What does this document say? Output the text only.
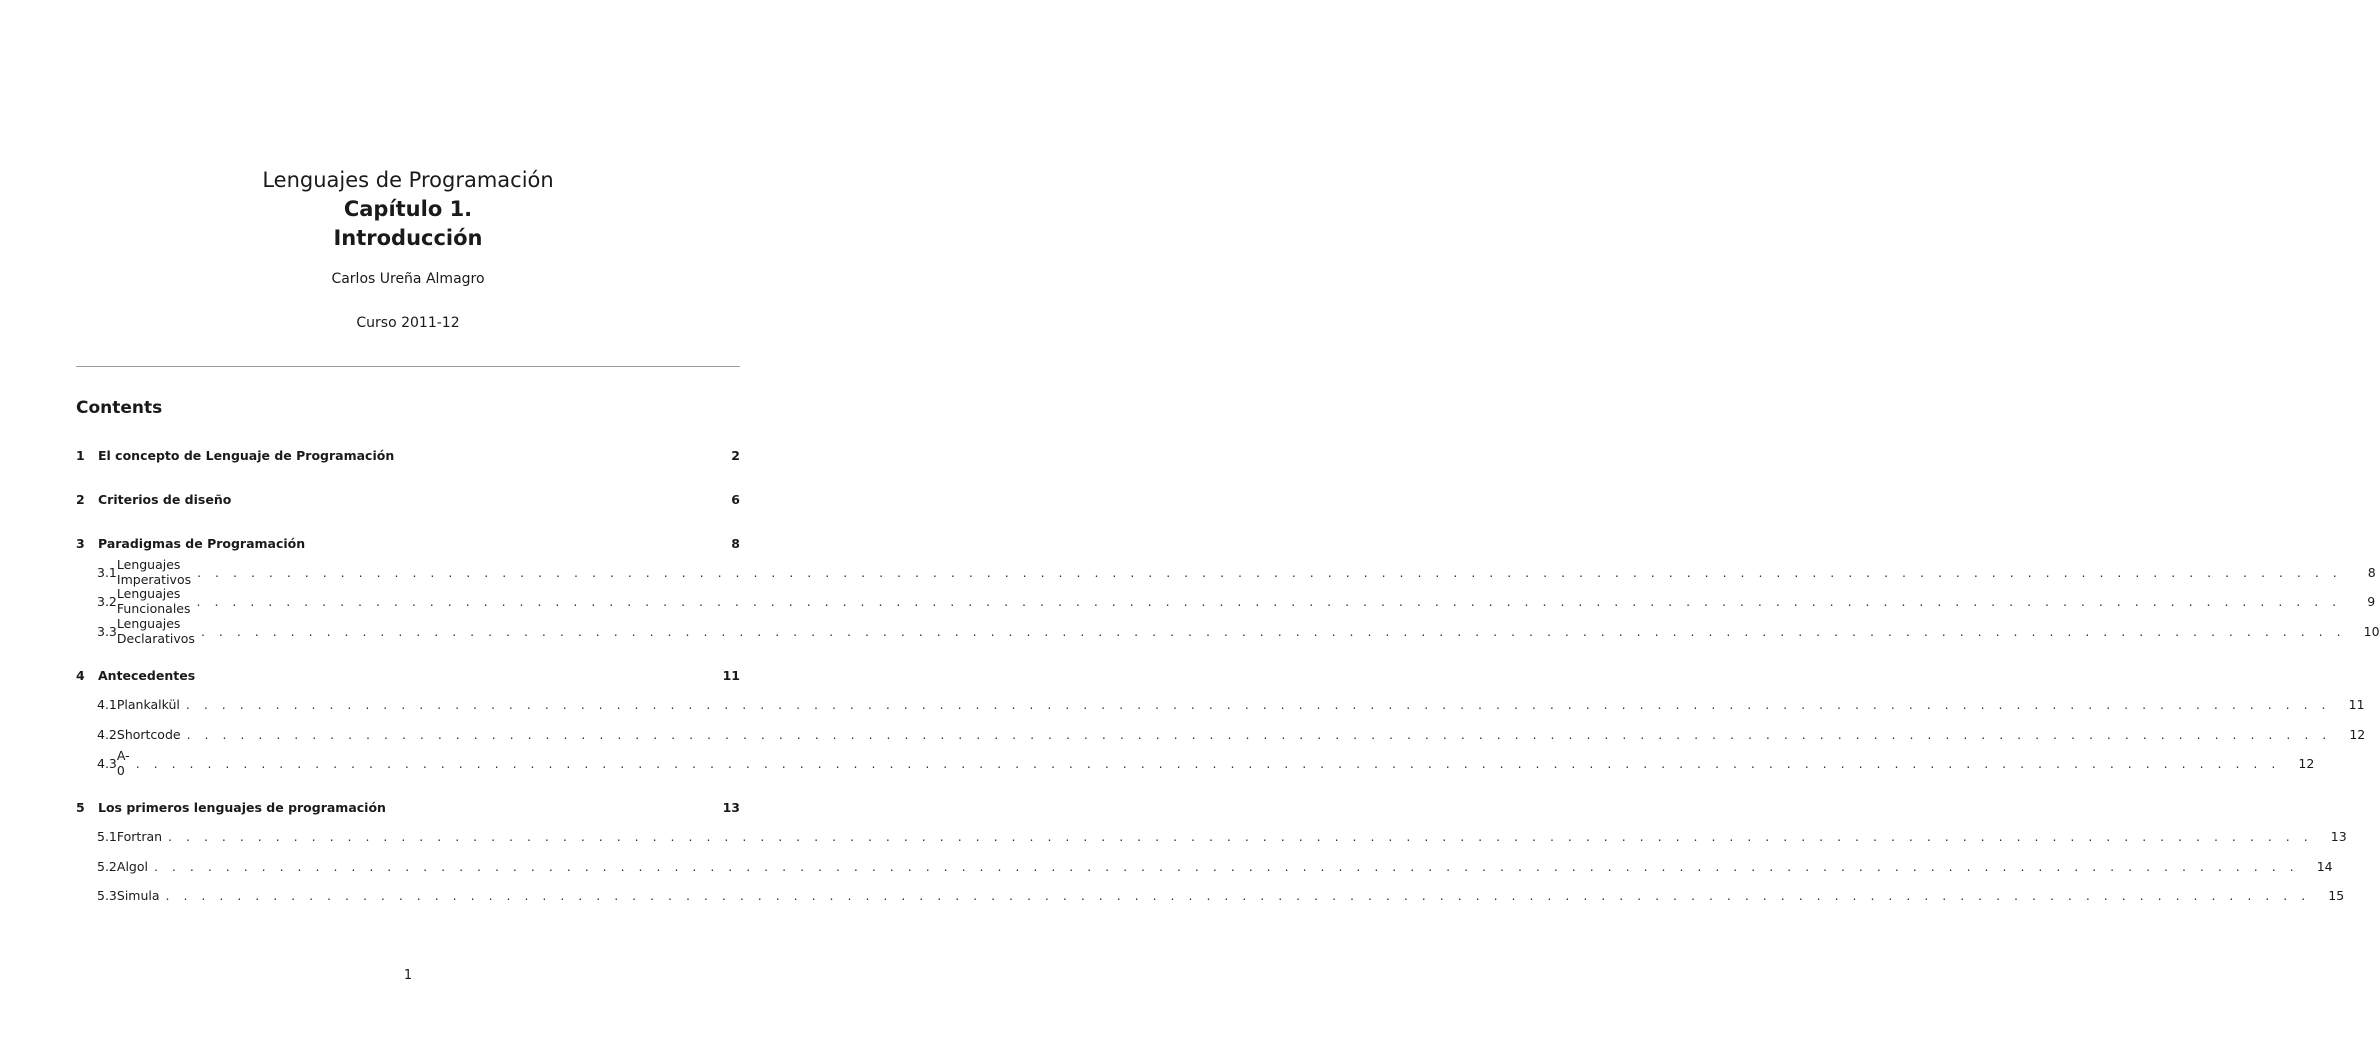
Lenguajes de Programación
Capítulo 1.
Introducción
Carlos Ureña Almagro
Curso 2011-12
Contents
1	El concepto de Lenguaje de Programación	2
2	Criterios de diseño	6
3	Paradigmas de Programación	8
3.1 Lenguajes Imperativos . . . . . . . . . . . . . . . . . . . . . . . . . . . . . . . . . . . . . . . . . . . . . . . . . . . . . . . . . . . . . . . . . . . . . . . . . . . . . . . . . . . . . . . . . . . . . . . . . . . . . . . . . . . . . . . . . . . . . . . .	8
3.2 Lenguajes Funcionales . . . . . . . . . . . . . . . . . . . . . . . . . . . . . . . . . . . . . . . . . . . . . . . . . . . . . . . . . . . . . . . . . . . . . . . . . . . . . . . . . . . . . . . . . . . . . . . . . . . . . . . . . . . . . . . . . . . . . . . .	9
3.3 Lenguajes Declarativos . . . . . . . . . . . . . . . . . . . . . . . . . . . . . . . . . . . . . . . . . . . . . . . . . . . . . . . . . . . . . . . . . . . . . . . . . . . . . . . . . . . . . . . . . . . . . . . . . . . . . . . . . . . . . . . . . . . . . . . .	10
4	Antecedentes	11
4.1 Plankalkül . . . . . . . . . . . . . . . . . . . . . . . . . . . . . . . . . . . . . . . . . . . . . . . . . . . . . . . . . . . . . . . . . . . . . . . . . . . . . . . . . . . . . . . . . . . . . . . . . . . . . . . . . . . . . . . . . . . . . . . .	11
4.2 Shortcode . . . . . . . . . . . . . . . . . . . . . . . . . . . . . . . . . . . . . . . . . . . . . . . . . . . . . . . . . . . . . . . . . . . . . . . . . . . . . . . . . . . . . . . . . . . . . . . . . . . . . . . . . . . . . . . . . . . . . . . .	12
4.3 A-0 . . . . . . . . . . . . . . . . . . . . . . . . . . . . . . . . . . . . . . . . . . . . . . . . . . . . . . . . . . . . . . . . . . . . . . . . . . . . . . . . . . . . . . . . . . . . . . . . . . . . . . . . . . . . . . . . . . . . . . . .	12
5	Los primeros lenguajes de programación	13
5.1 Fortran . . . . . . . . . . . . . . . . . . . . . . . . . . . . . . . . . . . . . . . . . . . . . . . . . . . . . . . . . . . . . . . . . . . . . . . . . . . . . . . . . . . . . . . . . . . . . . . . . . . . . . . . . . . . . . . . . . . . . . . .	13
5.2 Algol . . . . . . . . . . . . . . . . . . . . . . . . . . . . . . . . . . . . . . . . . . . . . . . . . . . . . . . . . . . . . . . . . . . . . . . . . . . . . . . . . . . . . . . . . . . . . . . . . . . . . . . . . . . . . . . . . . . . . . . .	14
5.3 Simula . . . . . . . . . . . . . . . . . . . . . . . . . . . . . . . . . . . . . . . . . . . . . . . . . . . . . . . . . . . . . . . . . . . . . . . . . . . . . . . . . . . . . . . . . . . . . . . . . . . . . . . . . . . . . . . . . . . . . . . .	15
1
